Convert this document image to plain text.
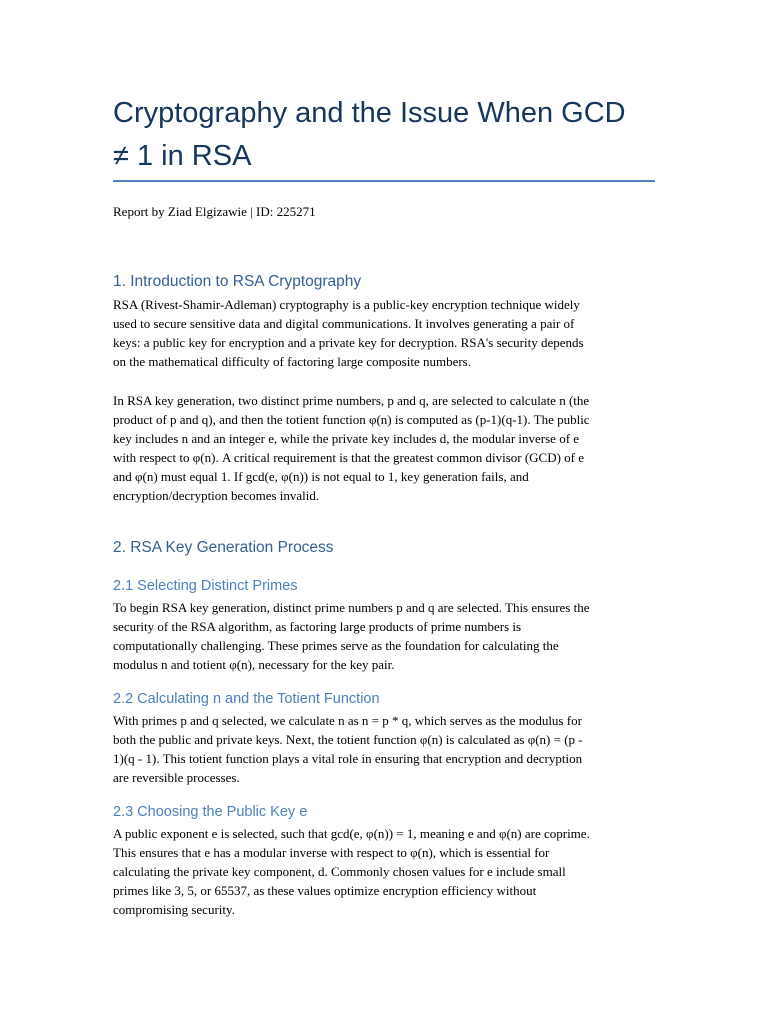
Cryptography and the Issue When GCD
≠ 1 in RSA

Report by Ziad Elgizawie | ID: 225271

1. Introduction to RSA Cryptography

RSA (Rivest-Shamir-Adleman) cryptography is a public-key encryption technique widely
used to secure sensitive data and digital communications. It involves generating a pair of
keys: a public key for encryption and a private key for decryption. RSA's security depends
on the mathematical difficulty of factoring large composite numbers.

In RSA key generation, two distinct prime numbers, p and q, are selected to calculate n (the
product of p and q), and then the totient function φ(n) is computed as (p-1)(q-1). The public
key includes n and an integer e, while the private key includes d, the modular inverse of e
with respect to φ(n). A critical requirement is that the greatest common divisor (GCD) of e
and φ(n) must equal 1. If gcd(e, φ(n)) is not equal to 1, key generation fails, and
encryption/decryption becomes invalid.

2. RSA Key Generation Process
2.1 Selecting Distinct Primes

To begin RSA key generation, distinct prime numbers p and q are selected. This ensures the
security of the RSA algorithm, as factoring large products of prime numbers is
computationally challenging. These primes serve as the foundation for calculating the
modulus n and totient φ(n), necessary for the key pair.

2.2 Calculating n and the Totient Function

With primes p and q selected, we calculate n as n = p * q, which serves as the modulus for
both the public and private keys. Next, the totient function φ(n) is calculated as φ(n) = (p -
1)(q - 1). This totient function plays a vital role in ensuring that encryption and decryption
are reversible processes.

2.3 Choosing the Public Key e

A public exponent e is selected, such that gcd(e, φ(n)) = 1, meaning e and φ(n) are coprime.
This ensures that e has a modular inverse with respect to φ(n), which is essential for
calculating the private key component, d. Commonly chosen values for e include small
primes like 3, 5, or 65537, as these values optimize encryption efficiency without
compromising security.
